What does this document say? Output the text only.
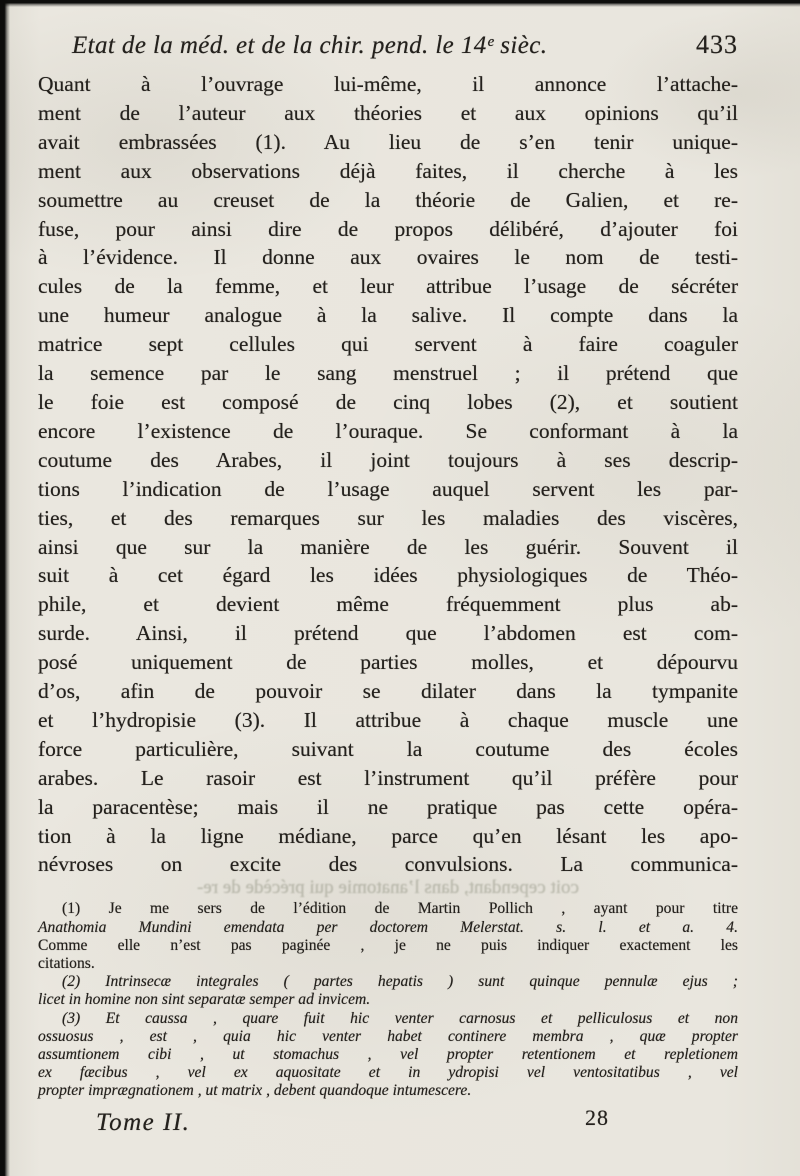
Etat de la méd. et de la chir. pend. le 14ᵉ sièc.	433
Quant à l’ouvrage lui-même, il annonce l’attache-
ment de l’auteur aux théories et aux opinions qu’il
avait embrassées (1). Au lieu de s’en tenir unique-
ment aux observations déjà faites, il cherche à les
soumettre au creuset de la théorie de Galien, et re-
fuse, pour ainsi dire de propos délibéré, d’ajouter foi
à l’évidence. Il donne aux ovaires le nom de testi-
cules de la femme, et leur attribue l’usage de sécréter
une humeur analogue à la salive. Il compte dans la
matrice sept cellules qui servent à faire coaguler
la semence par le sang menstruel ; il prétend que
le foie est composé de cinq lobes (2), et soutient
encore l’existence de l’ouraque. Se conformant à la
coutume des Arabes, il joint toujours à ses descrip-
tions l’indication de l’usage auquel servent les par-
ties, et des remarques sur les maladies des viscères,
ainsi que sur la manière de les guérir. Souvent il
suit à cet égard les idées physiologiques de Théo-
phile, et devient même fréquemment plus ab-
surde. Ainsi, il prétend que l’abdomen est com-
posé uniquement de parties molles, et dépourvu
d’os, afin de pouvoir se dilater dans la tympanite
et l’hydropisie (3). Il attribue à chaque muscle une
force particulière, suivant la coutume des écoles
arabes. Le rasoir est l’instrument qu’il préfère pour
la paracentèse; mais il ne pratique pas cette opéra-
tion à la ligne médiane, parce qu’en lésant les apo-
névroses on excite des convulsions. La communica-
coit cependant, dans l’anatomie qui précède de re-
(1) Je me sers de l’édition de Martin Pollich , ayant pour titre
Anathomia Mundini emendata per doctorem Melerstat. s. l. et a. 4.
Comme elle n’est pas paginée , je ne puis indiquer exactement les
citations.
(2) Intrinsecæ integrales ( partes hepatis ) sunt quinque pennulæ ejus ;
licet in homine non sint separatæ semper ad invicem.
(3) Et caussa , quare fuit hic venter carnosus et pelliculosus et non
ossuosus , est , quia hic venter habet continere membra , quæ propter
assumtionem cibi , ut stomachus , vel propter retentionem et repletionem
ex fæcibus , vel ex aquositate et in ydropisi vel ventositatibus , vel
propter imprægnationem , ut matrix , debent quandoque intumescere.
Tome II.	28
